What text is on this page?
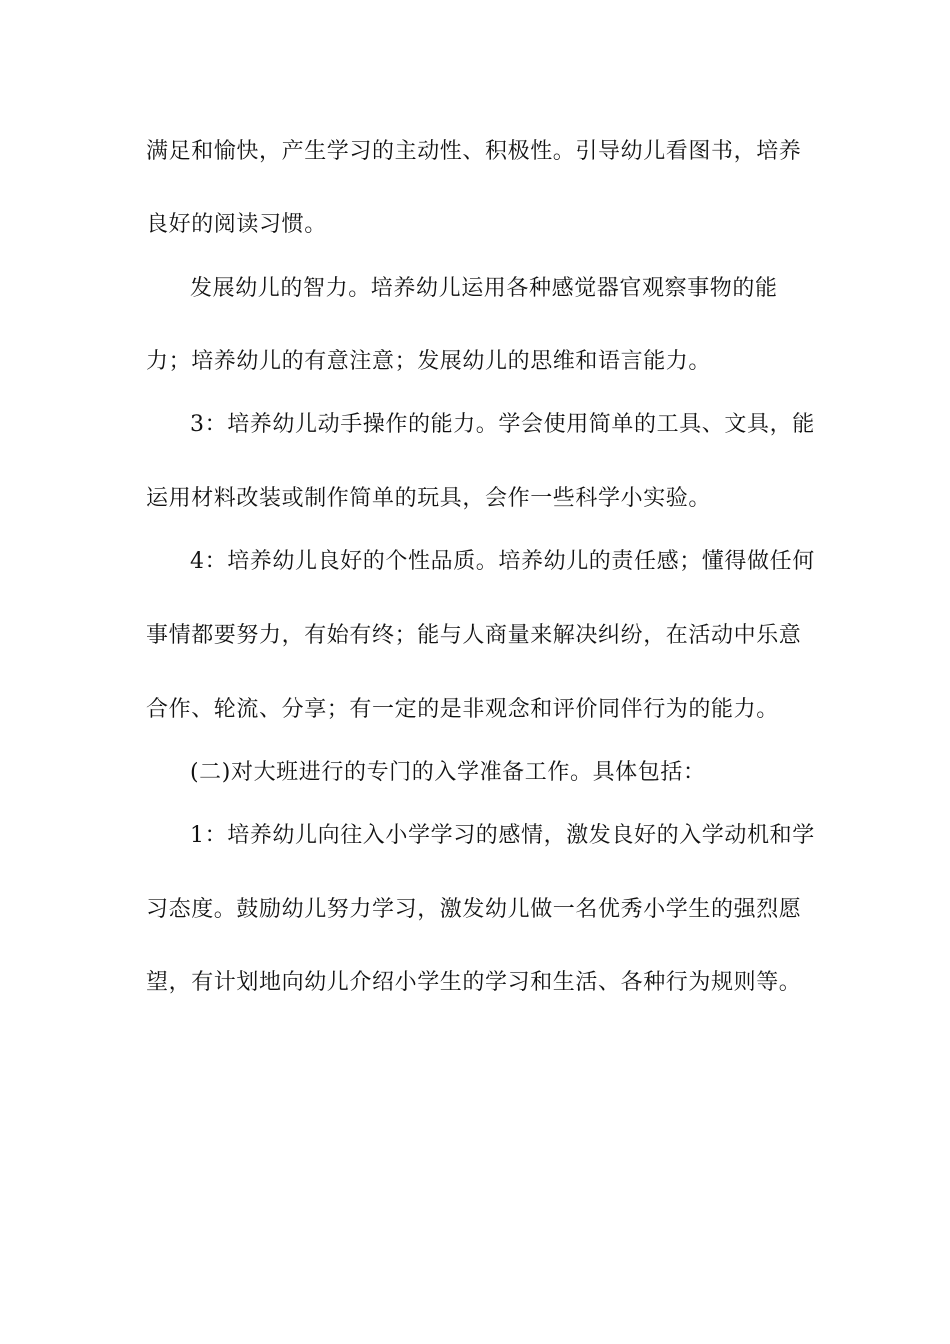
满足和愉快，产生学习的主动性、积极性。引导幼儿看图书，培养
良好的阅读习惯。
发展幼儿的智力。培养幼儿运用各种感觉器官观察事物的能
力；培养幼儿的有意注意；发展幼儿的思维和语言能力。
3：培养幼儿动手操作的能力。学会使用简单的工具、文具，能
运用材料改装或制作简单的玩具，会作一些科学小实验。
4：培养幼儿良好的个性品质。培养幼儿的责任感；懂得做任何
事情都要努力，有始有终；能与人商量来解决纠纷，在活动中乐意
合作、轮流、分享；有一定的是非观念和评价同伴行为的能力。
(二)对大班进行的专门的入学准备工作。具体包括：
1：培养幼儿向往入小学学习的感情，激发良好的入学动机和学
习态度。鼓励幼儿努力学习，激发幼儿做一名优秀小学生的强烈愿
望，有计划地向幼儿介绍小学生的学习和生活、各种行为规则等。
